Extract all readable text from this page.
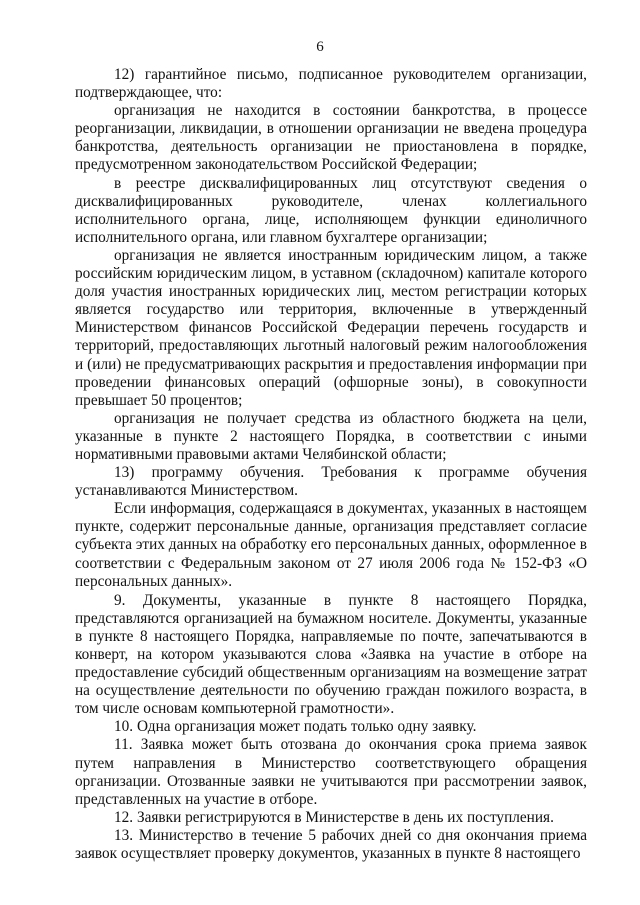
6

12) гарантийное письмо, подписанное руководителем организации, подтверждающее, что:

организация не находится в состоянии банкротства, в процессе реорганизации, ликвидации, в отношении организации не введена процедура банкротства, деятельность организации не приостановлена в порядке, предусмотренном законодательством Российской Федерации;

в реестре дисквалифицированных лиц отсутствуют сведения о дисквалифицированных руководителе, членах коллегиального исполнительного органа, лице, исполняющем функции единоличного исполнительного органа, или главном бухгалтере организации;

организация не является иностранным юридическим лицом, а также российским юридическим лицом, в уставном (складочном) капитале которого доля участия иностранных юридических лиц, местом регистрации которых является государство или территория, включенные в утвержденный Министерством финансов Российской Федерации перечень государств и территорий, предоставляющих льготный налоговый режим налогообложения и (или) не предусматривающих раскрытия и предоставления информации при проведении финансовых операций (офшорные зоны), в совокупности превышает 50 процентов;

организация не получает средства из областного бюджета на цели, указанные в пункте 2 настоящего Порядка, в соответствии с иными нормативными правовыми актами Челябинской области;

13) программу обучения. Требования к программе обучения устанавливаются Министерством.

Если информация, содержащаяся в документах, указанных в настоящем пункте, содержит персональные данные, организация представляет согласие субъекта этих данных на обработку его персональных данных, оформленное в соответствии с Федеральным законом от 27 июля 2006 года № 152-ФЗ «О персональных данных».

9. Документы, указанные в пункте 8 настоящего Порядка, представляются организацией на бумажном носителе. Документы, указанные в пункте 8 настоящего Порядка, направляемые по почте, запечатываются в конверт, на котором указываются слова «Заявка на участие в отборе на предоставление субсидий общественным организациям на возмещение затрат на осуществление деятельности по обучению граждан пожилого возраста, в том числе основам компьютерной грамотности».

10. Одна организация может подать только одну заявку.

11. Заявка может быть отозвана до окончания срока приема заявок путем направления в Министерство соответствующего обращения организации. Отозванные заявки не учитываются при рассмотрении заявок, представленных на участие в отборе.

12. Заявки регистрируются в Министерстве в день их поступления.

13. Министерство в течение 5 рабочих дней со дня окончания приема заявок осуществляет проверку документов, указанных в пункте 8 настоящего
